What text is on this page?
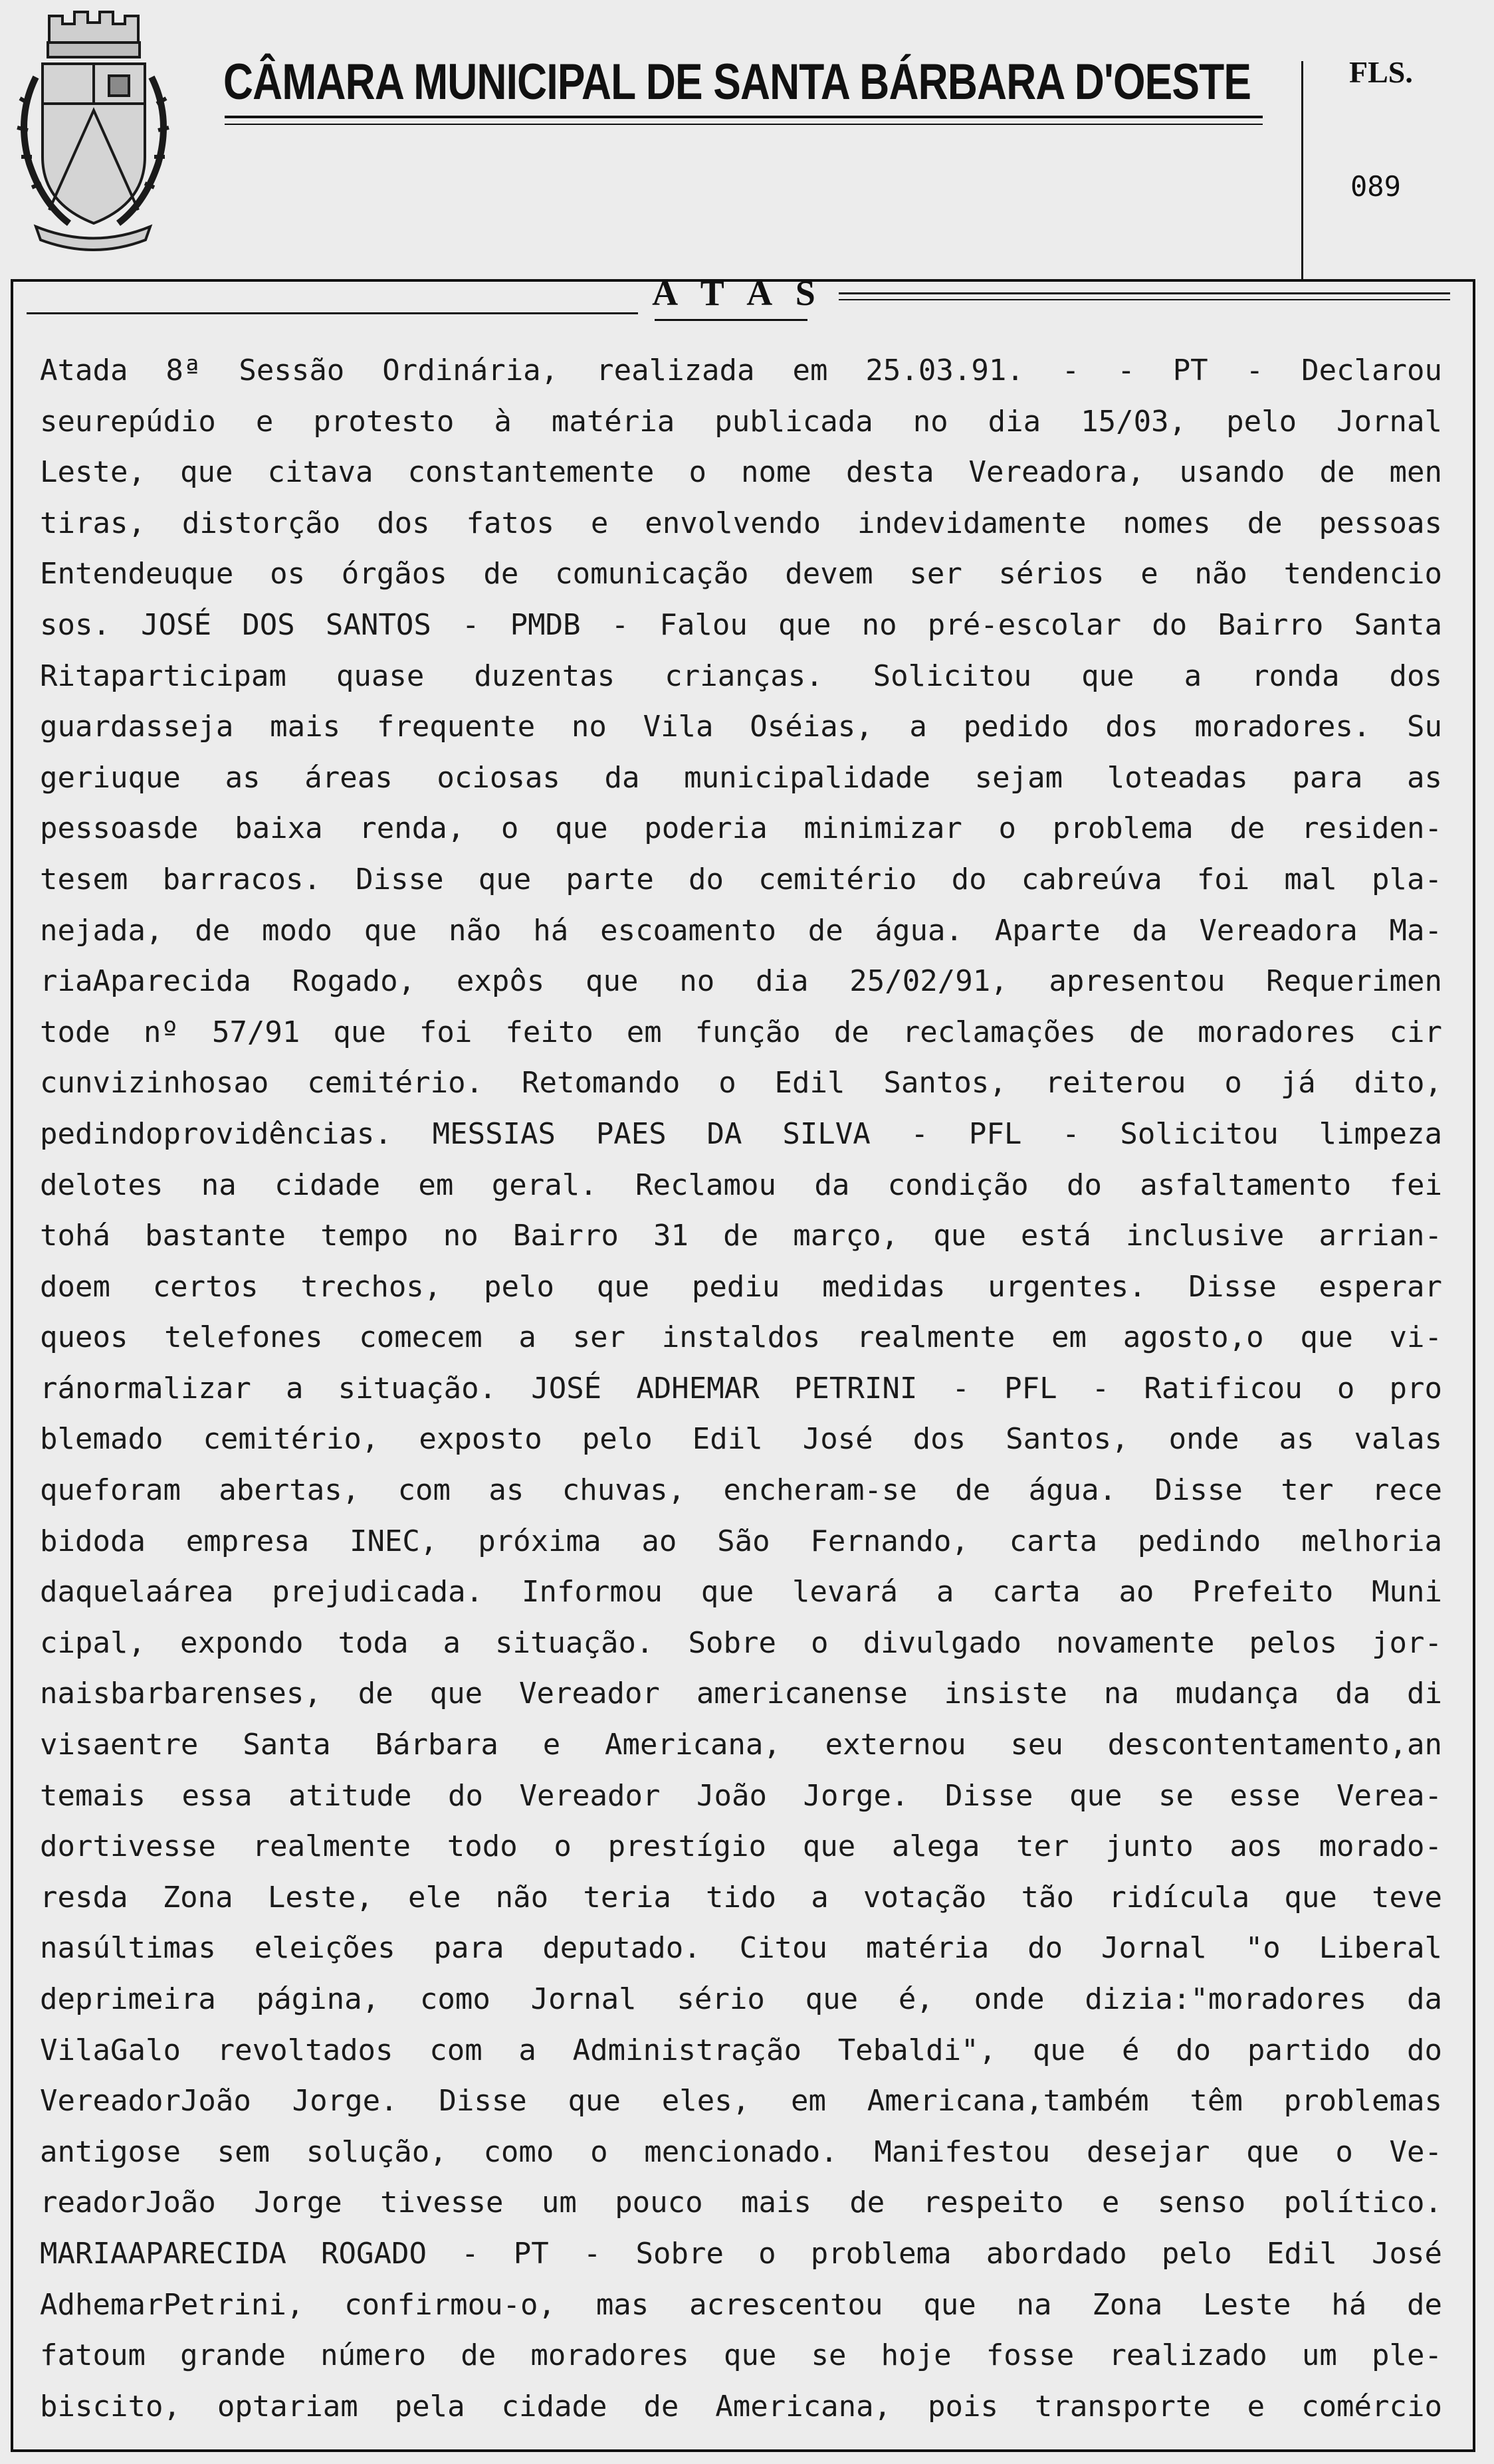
CÂMARA MUNICIPAL DE SANTA BÁRBARA D'OESTE	FLS.
089
A T A S
Ata da 8ª Sessão Ordinária, realizada em 25.03.91. - - PT - Declarou
seu repúdio e protesto à matéria publicada no dia 15/03, pelo Jornal
Leste , que citava constantemente o nome desta Vereadora, usando de men
tiras , distorção dos fatos e envolvendo indevidamente nomes de pessoas
Entendeu que os órgãos de comunicação devem ser sérios e não tendencio
sos . JOSÉ DOS SANTOS - PMDB - Falou que no pré-escolar do Bairro Santa
Rita participam quase duzentas crianças. Solicitou que a ronda dos
guardas seja mais frequente no Vila Oséias, a pedido dos moradores. Su
geriu que as áreas ociosas da municipalidade sejam loteadas para as
pessoas de baixa renda, o que poderia minimizar o problema de residen-
tes em barracos. Disse que parte do cemitério do cabreúva foi mal pla-
nejada , de modo que não há escoamento de água. Aparte da Vereadora Ma-
ria Aparecida Rogado, expôs que no dia 25/02/91, apresentou Requerimen
to de nº 57/91 que foi feito em função de reclamações de moradores cir
cunvizinhos ao cemitério. Retomando o Edil Santos, reiterou o já dito,
pedindo providências. MESSIAS PAES DA SILVA - PFL - Solicitou limpeza
de lotes na cidade em geral. Reclamou da condição do asfaltamento fei
to há bastante tempo no Bairro 31 de março, que está inclusive arrian-
do em certos trechos, pelo que pediu medidas urgentes. Disse esperar
que os telefones comecem a ser instaldos realmente em agosto,o que vi-
rá normalizar a situação. JOSÉ ADHEMAR PETRINI - PFL - Ratificou o pro
blema do cemitério, exposto pelo Edil José dos Santos, onde as valas
que foram abertas, com as chuvas, encheram-se de água. Disse ter rece
bido da empresa INEC, próxima ao São Fernando, carta pedindo melhoria
daquela área prejudicada. Informou que levará a carta ao Prefeito Muni
cipal , expondo toda a situação. Sobre o divulgado novamente pelos jor-
nais barbarenses, de que Vereador americanense insiste na mudança da di
visa entre Santa Bárbara e Americana, externou seu descontentamento,an
te mais essa atitude do Vereador João Jorge. Disse que se esse Verea-
dor tivesse realmente todo o prestígio que alega ter junto aos morado-
res da Zona Leste, ele não teria tido a votação tão ridícula que teve
nas últimas eleições para deputado. Citou matéria do Jornal "o Liberal
de primeira página, como Jornal sério que é, onde dizia:"moradores da
Vila Galo revoltados com a Administração Tebaldi", que é do partido do
Vereador João Jorge. Disse que eles, em Americana,também têm problemas
antigos e sem solução, como o mencionado. Manifestou desejar que o Ve-
reador João Jorge tivesse um pouco mais de respeito e senso político.
MARIA APARECIDA ROGADO - PT - Sobre o problema abordado pelo Edil José
Adhemar Petrini, confirmou-o, mas acrescentou que na Zona Leste há de
fato um grande número de moradores que se hoje fosse realizado um ple-
biscito , optariam pela cidade de Americana, pois transporte e comércio
